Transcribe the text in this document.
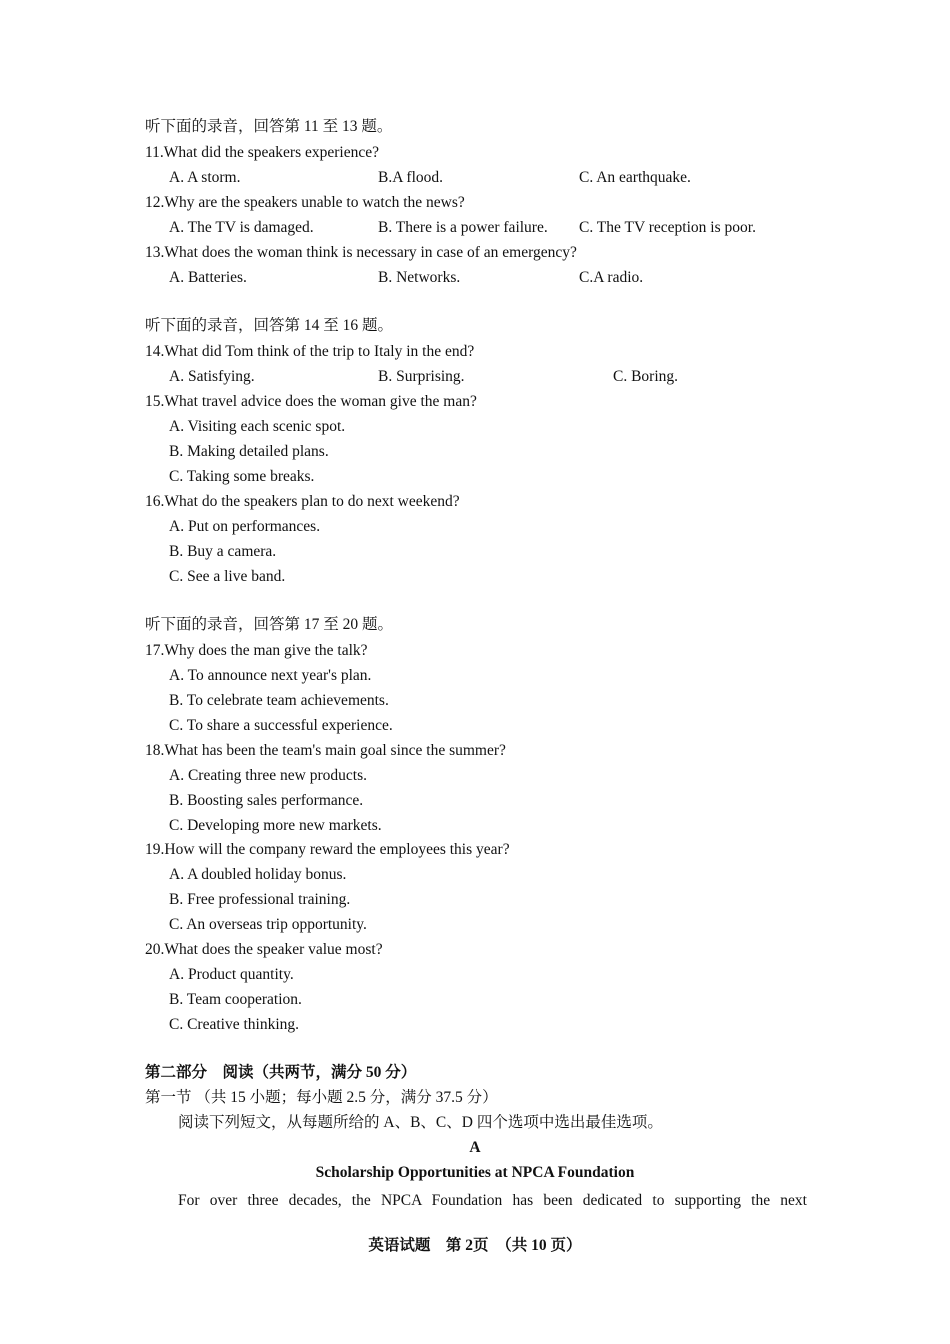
听下面的录音，回答第 11 至 13 题。
11.What did the speakers experience?
A. A storm.	B.A flood.	C. An earthquake.
12.Why are the speakers unable to watch the news?
A. The TV is damaged.	B. There is a power failure. C. The TV reception is poor.
13.What does the woman think is necessary in case of an emergency?
A. Batteries.	B. Networks.	C.A radio.
听下面的录音，回答第 14 至 16 题。
14.What did Tom think of the trip to Italy in the end?
A. Satisfying.	B. Surprising.	C. Boring.
15.What travel advice does the woman give the man?
A. Visiting each scenic spot.
B. Making detailed plans.
C. Taking some breaks.
16.What do the speakers plan to do next weekend?
A. Put on performances.
B. Buy a camera.
C. See a live band.
听下面的录音，回答第 17 至 20 题。
17.Why does the man give the talk?
A. To announce next year's plan.
B. To celebrate team achievements.
C. To share a successful experience.
18.What has been the team's main goal since the summer?
A. Creating three new products.
B. Boosting sales performance.
C. Developing more new markets.
19.How will the company reward the employees this year?
A. A doubled holiday bonus.
B. Free professional training.
C. An overseas trip opportunity.
20.What does the speaker value most?
A. Product quantity.
B. Team cooperation.
C. Creative thinking.
第二部分　阅读（共两节，满分 50 分）
第一节 （共 15 小题；每小题 2.5 分，满分 37.5 分）
阅读下列短文，从每题所给的 A、B、C、D 四个选项中选出最佳选项。
A
Scholarship Opportunities at NPCA Foundation
For over three decades, the NPCA Foundation has been dedicated to supporting the next
英语试题　第 2页　（共 10 页）
